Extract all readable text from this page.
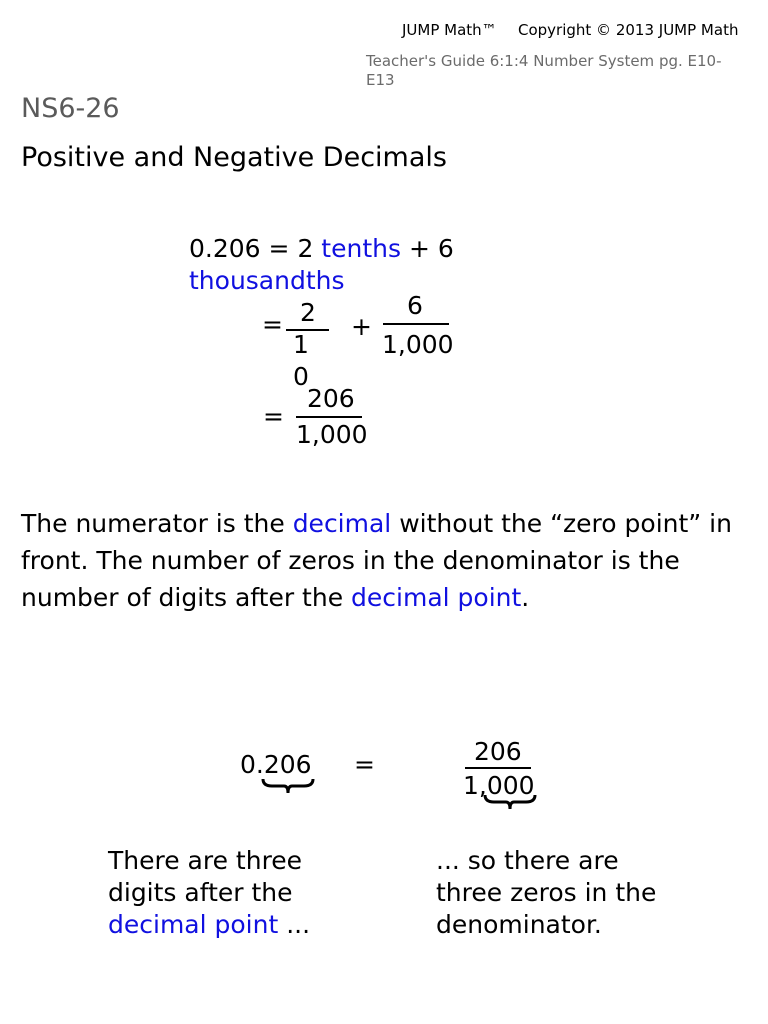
JUMP Math™ Copyright © 2013 JUMP Math
Teacher's Guide 6:1:4 Number System pg. E10-E13
NS6-26
Positive and Negative Decimals
0.206 = 2 tenths + 6
thousandths
= 2
1
0
+
6
1,000
=
206
1,000
The numerator is the decimal without the “zero point” in front. The number of zeros in the denominator is the number of digits after the decimal point.
0.206 =	206
1,000
There are three digits after the decimal point ...
... so there are three zeros in the denominator.
